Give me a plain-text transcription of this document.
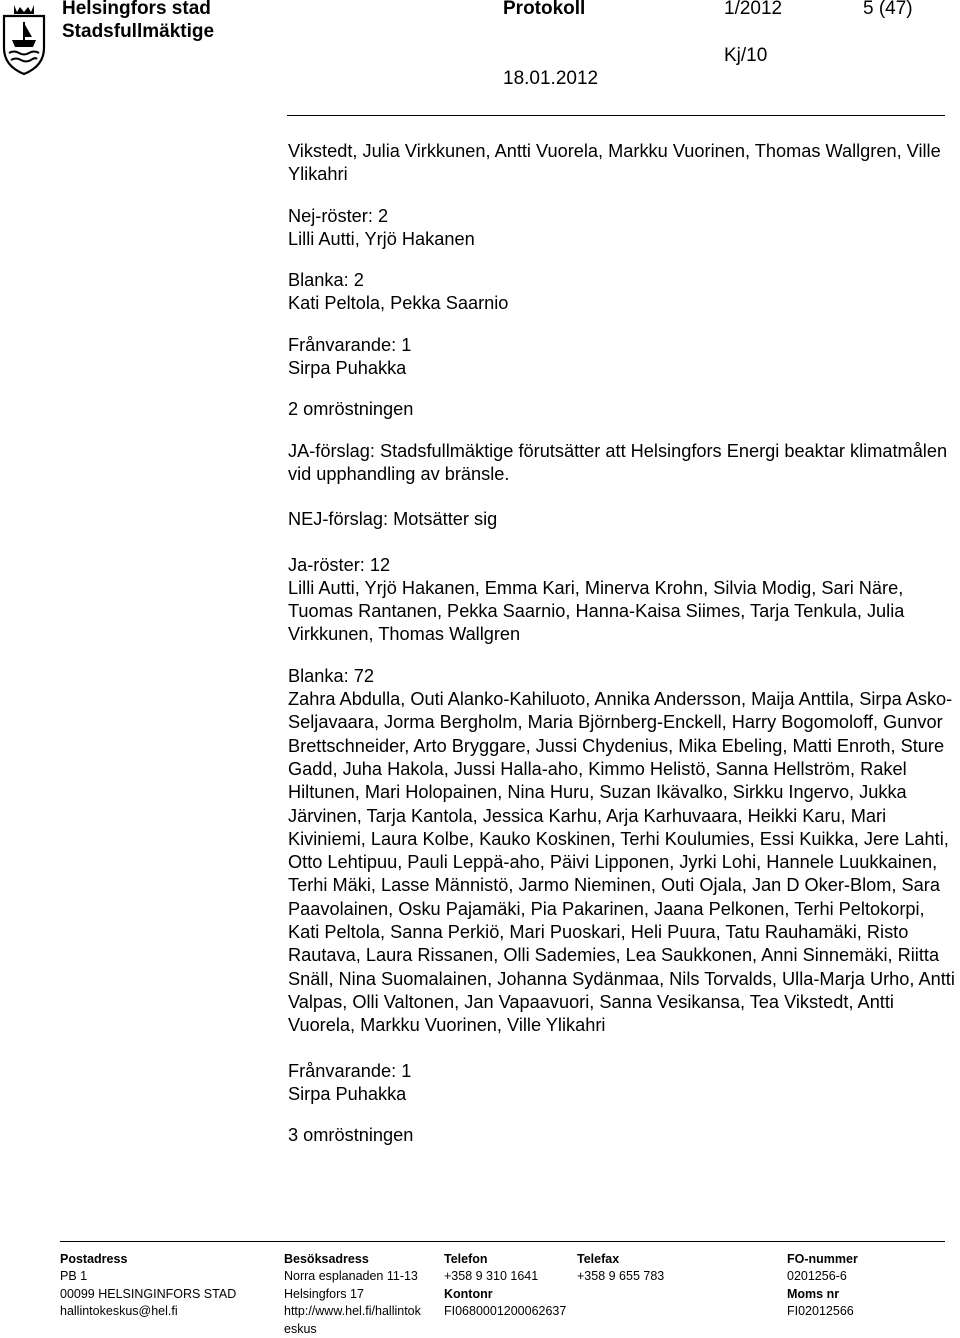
Helsingfors stad
Stadsfullmäktige
Protokoll	1/2012	5 (47)
Kj/10
18.01.2012

Vikstedt, Julia Virkkunen, Antti Vuorela, Markku Vuorinen, Thomas Wallgren, Ville Ylikahri

Nej-röster: 2

Lilli Autti, Yrjö Hakanen

Blanka: 2

Kati Peltola, Pekka Saarnio

Frånvarande: 1

Sirpa Puhakka

2 omröstningen

JA-förslag: Stadsfullmäktige förutsätter att Helsingfors Energi beaktar klimatmålen vid upphandling av bränsle.

NEJ-förslag: Motsätter sig

Ja-röster: 12

Lilli Autti, Yrjö Hakanen, Emma Kari, Minerva Krohn, Silvia Modig, Sari Näre, Tuomas Rantanen, Pekka Saarnio, Hanna-Kaisa Siimes, Tarja Tenkula, Julia Virkkunen, Thomas Wallgren

Blanka: 72

Zahra Abdulla, Outi Alanko-Kahiluoto, Annika Andersson, Maija Anttila, Sirpa Asko-Seljavaara, Jorma Bergholm, Maria Björnberg-Enckell, Harry Bogomoloff, Gunvor Brettschneider, Arto Bryggare, Jussi Chydenius, Mika Ebeling, Matti Enroth, Sture Gadd, Juha Hakola, Jussi Halla-aho, Kimmo Helistö, Sanna Hellström, Rakel Hiltunen, Mari Holopainen, Nina Huru, Suzan Ikävalko, Sirkku Ingervo, Jukka Järvinen, Tarja Kantola, Jessica Karhu, Arja Karhuvaara, Heikki Karu, Mari Kiviniemi, Laura Kolbe, Kauko Koskinen, Terhi Koulumies, Essi Kuikka, Jere Lahti, Otto Lehtipuu, Pauli Leppä-aho, Päivi Lipponen, Jyrki Lohi, Hannele Luukkainen, Terhi Mäki, Lasse Männistö, Jarmo Nieminen, Outi Ojala, Jan D Oker-Blom, Sara Paavolainen, Osku Pajamäki, Pia Pakarinen, Jaana Pelkonen, Terhi Peltokorpi, Kati Peltola, Sanna Perkiö, Mari Puoskari, Heli Puura, Tatu Rauhamäki, Risto Rautava, Laura Rissanen, Olli Sademies, Lea Saukkonen, Anni Sinnemäki, Riitta Snäll, Nina Suomalainen, Johanna Sydänmaa, Nils Torvalds, Ulla-Marja Urho, Antti Valpas, Olli Valtonen, Jan Vapaavuori, Sanna Vesikansa, Tea Vikstedt, Antti Vuorela, Markku Vuorinen, Ville Ylikahri

Frånvarande: 1

Sirpa Puhakka

3 omröstningen

Postadress
PB 1
00099 HELSINGINFORS STAD
hallintokeskus@hel.fi
Besöksadress
Norra esplanaden 11-13
Helsingfors 17
http://www.hel.fi/hallintok
eskus
Telefon
+358 9 310 1641
Kontonr
FI0680001200062637
Telefax
+358 9 655 783
FO-nummer
0201256-6
Moms nr
FI02012566
